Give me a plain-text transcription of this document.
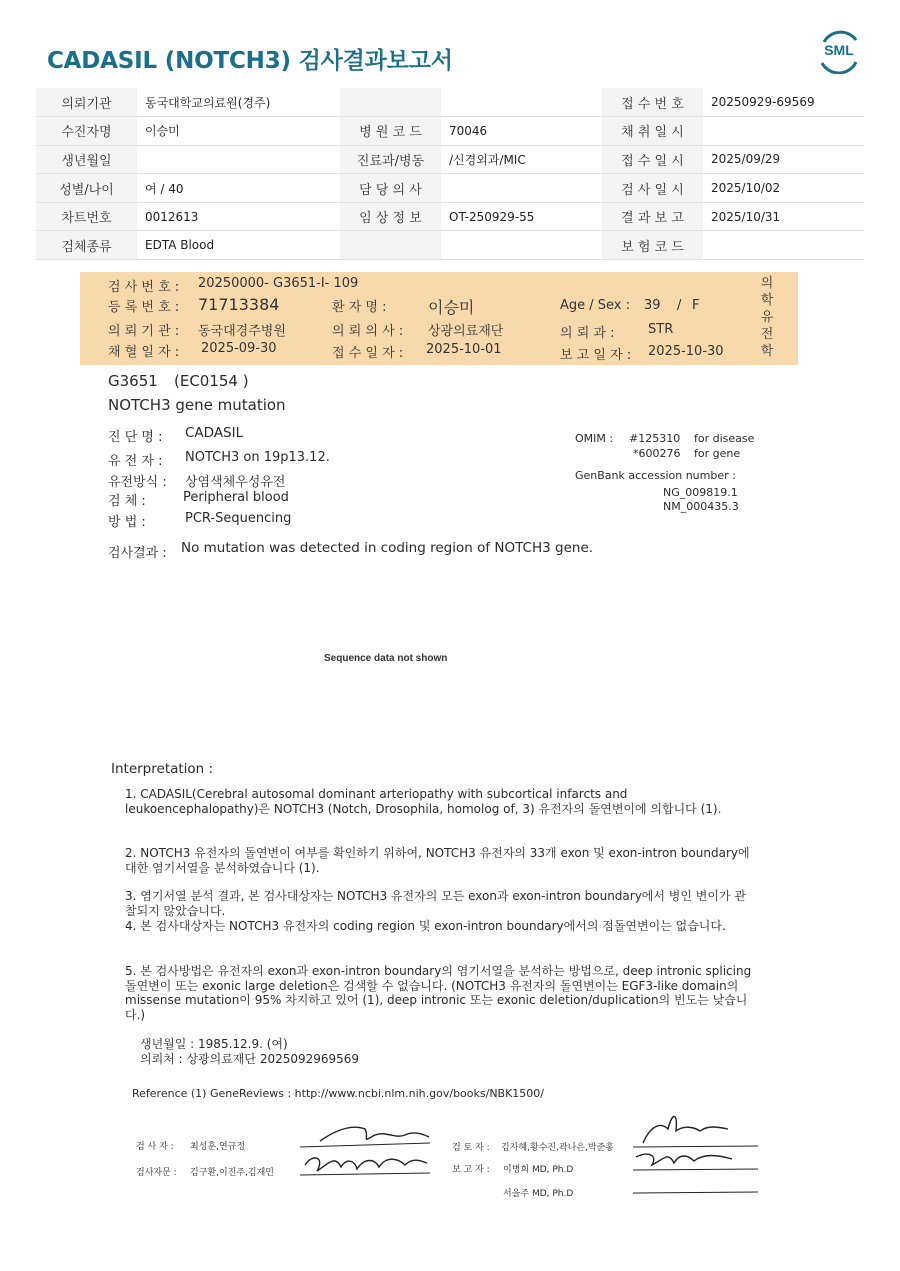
CADASIL (NOTCH3) 검사결과보고서	SML
의뢰기관	동국대학교의료원(경주)			접 수 번 호	20250929-69569
수진자명	이승미	병 원 코 드	70046	채 취 일 시	
생년월일		진료과/병동	/신경외과/MIC	접 수 일 시	2025/09/29
성별/나이	여 / 40	담 당 의 사		검 사 일 시	2025/10/02
차트번호	0012613	임 상 정 보	OT-250929-55	결 과 보 고	2025/10/31
검체종류	EDTA Blood			보 험 코 드	
검 사 번 호 : 20250000- G3651-I- 109
등 록 번 호 : 71713384	환 자 명 :	이승미	Age / Sex : 39 / F
의 뢰 기 관 : 동국대경주병원	의 뢰 의 사 : 상광의료재단	의 뢰 과 :	STR
채 혈 일 자 : 2025-09-30	접 수 일 자 : 2025-10-01	보 고 일 자 : 2025-10-30
의
학
유
전
학
G3651 (EC0154 )
NOTCH3 gene mutation
진 단 명 : CADASIL
유 전 자 : NOTCH3 on 19p13.12.
유전방식 : 상염색체우성유전
검 체 :	Peripheral blood
방 법 :	PCR-Sequencing
OMIM : #125310 for disease
*600276 for gene
GenBank accession number :
NG_009819.1
NM_000435.3
검사결과 : No mutation was detected in coding region of NOTCH3 gene.
Sequence data not shown
Interpretation :
1. CADASIL(Cerebral autosomal dominant arteriopathy with subcortical infarcts and leukoencephalopathy)은 NOTCH3 (Notch, Drosophila, homolog of, 3) 유전자의 돌연변이에 의합니다 (1).
2. NOTCH3 유전자의 돌연변이 여부를 확인하기 위하여, NOTCH3 유전자의 33개 exon 및 exon-intron boundary에 대한 염기서열을 분석하였습니다 (1).
3. 염기서열 분석 결과, 본 검사대상자는 NOTCH3 유전자의 모든 exon과 exon-intron boundary에서 병인 변이가 관찰되지 않았습니다.
4. 본 검사대상자는 NOTCH3 유전자의 coding region 및 exon-intron boundary에서의 점돌연변이는 없습니다.
5. 본 검사방법은 유전자의 exon과 exon-intron boundary의 염기서열을 분석하는 방법으로, deep intronic splicing 돌연변이 또는 exonic large deletion은 검색할 수 없습니다. (NOTCH3 유전자의 돌연변이는 EGF3-like domain의 missense mutation이 95% 차지하고 있어 (1), deep intronic 또는 exonic deletion/duplication의 빈도는 낮습니다.)
생년월일 : 1985.12.9. (여)
의뢰처 : 상광의료재단 2025092969569
Reference (1) GeneReviews : http://www.ncbi.nlm.nih.gov/books/NBK1500/
검 사 자 : 최성훈,연규정
검사자문 : 김구환,이진주,김재민
검 토 자 : 김자혜,황수진,곽나은,박준홍
보 고 자 : 이병희 MD, Ph.D
서을주 MD, Ph.D
